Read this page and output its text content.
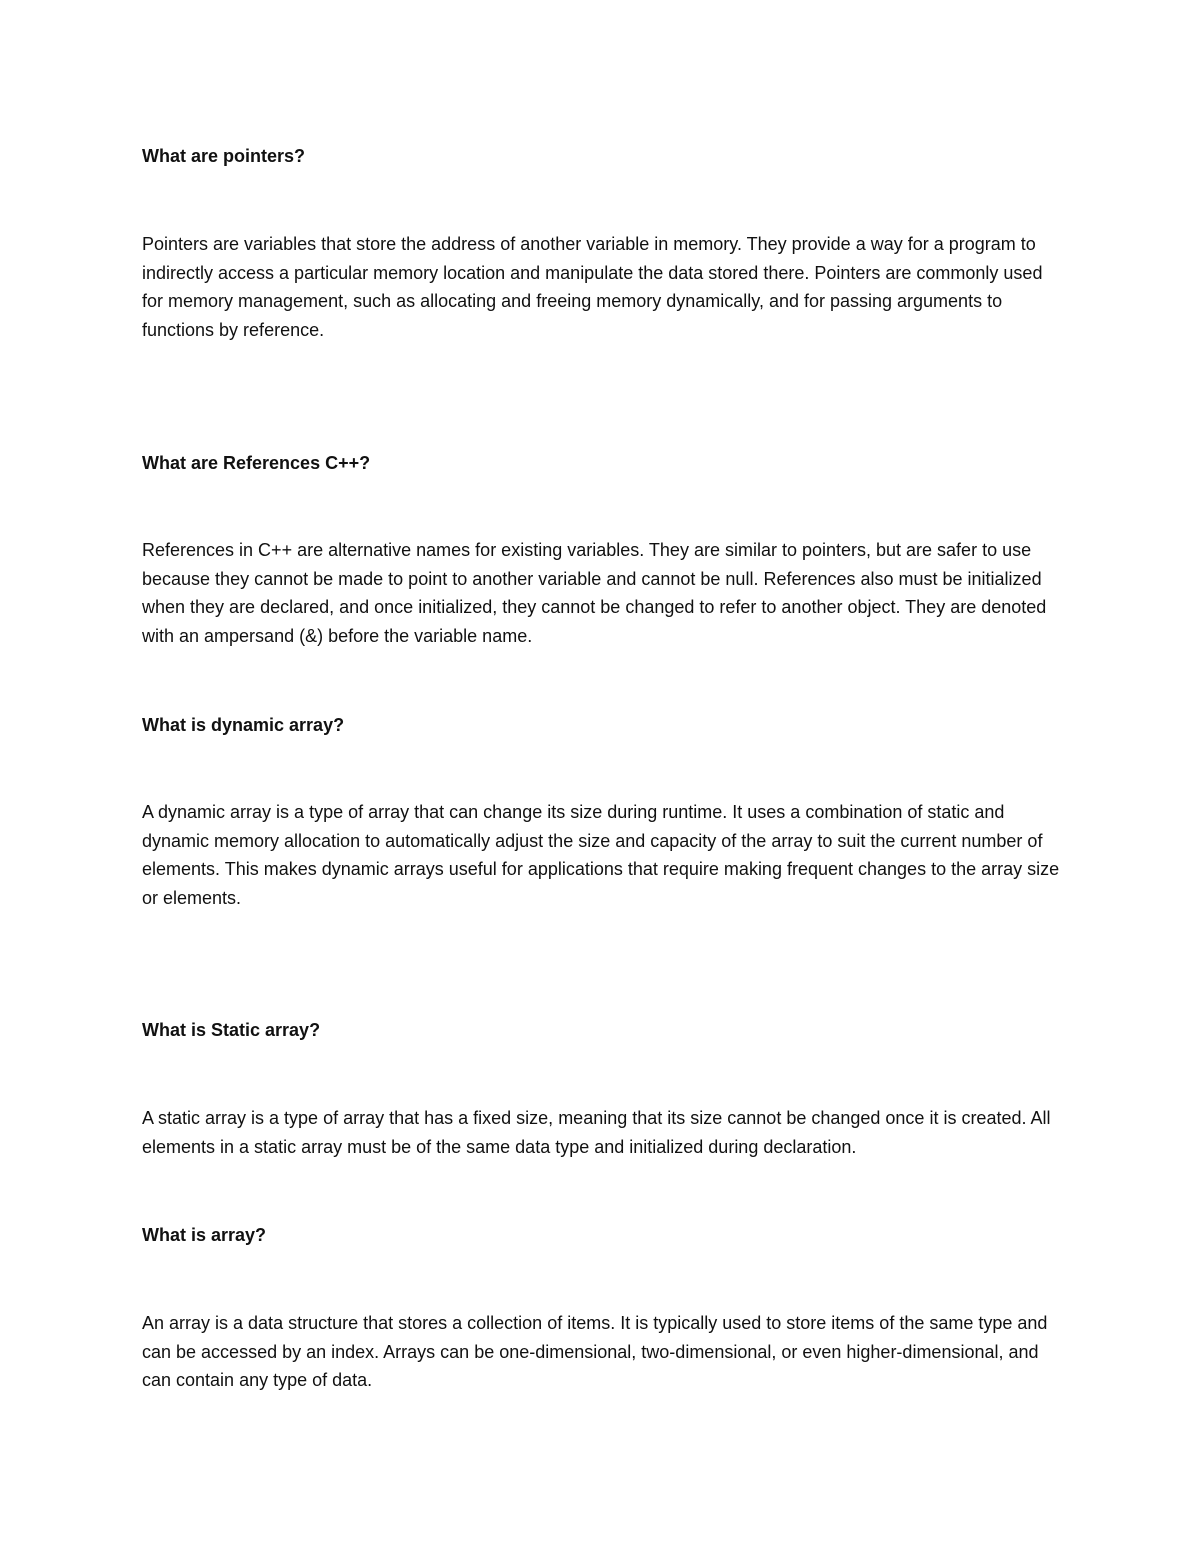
What are pointers?

Pointers are variables that store the address of another variable in memory. They provide a way for a program to indirectly access a particular memory location and manipulate the data stored there. Pointers are commonly used for memory management, such as allocating and freeing memory dynamically, and for passing arguments to functions by reference.

What are References C++?

References in C++ are alternative names for existing variables. They are similar to pointers, but are safer to use because they cannot be made to point to another variable and cannot be null. References also must be initialized when they are declared, and once initialized, they cannot be changed to refer to another object. They are denoted with an ampersand (&) before the variable name.

What is dynamic array?

A dynamic array is a type of array that can change its size during runtime. It uses a combination of static and dynamic memory allocation to automatically adjust the size and capacity of the array to suit the current number of elements. This makes dynamic arrays useful for applications that require making frequent changes to the array size or elements.

What is Static array?

A static array is a type of array that has a fixed size, meaning that its size cannot be changed once it is created. All elements in a static array must be of the same data type and initialized during declaration.

What is array?

An array is a data structure that stores a collection of items. It is typically used to store items of the same type and can be accessed by an index. Arrays can be one-dimensional, two-dimensional, or even higher-dimensional, and can contain any type of data.
